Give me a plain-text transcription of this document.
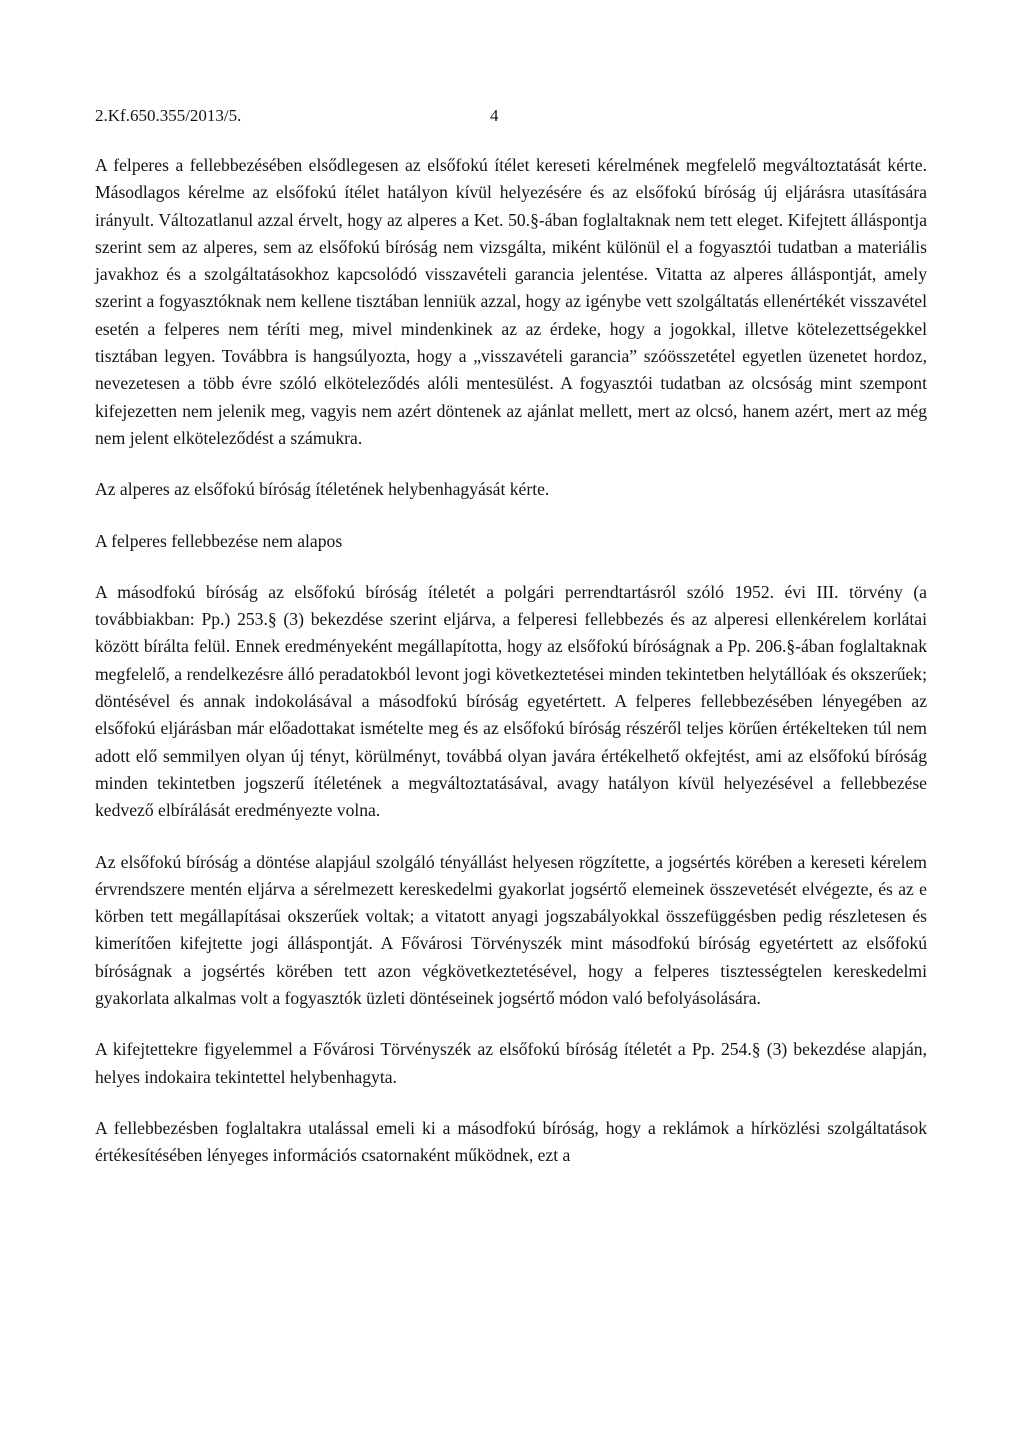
2.Kf.650.355/2013/5.	4

A felperes a fellebbezésében elsődlegesen az elsőfokú ítélet kereseti kérelmének megfelelő megváltoztatását kérte. Másodlagos kérelme az elsőfokú ítélet hatályon kívül helyezésére és az elsőfokú bíróság új eljárásra utasítására irányult. Változatlanul azzal érvelt, hogy az alperes a Ket. 50.§-ában foglaltaknak nem tett eleget. Kifejtett álláspontja szerint sem az alperes, sem az elsőfokú bíróság nem vizsgálta, miként különül el a fogyasztói tudatban a materiális javakhoz és a szolgáltatásokhoz kapcsolódó visszavételi garancia jelentése. Vitatta az alperes álláspontját, amely szerint a fogyasztóknak nem kellene tisztában lenniük azzal, hogy az igénybe vett szolgáltatás ellenértékét visszavétel esetén a felperes nem téríti meg, mivel mindenkinek az az érdeke, hogy a jogokkal, illetve kötelezettségekkel tisztában legyen. Továbbra is hangsúlyozta, hogy a „visszavételi garancia” szóösszetétel egyetlen üzenetet hordoz, nevezetesen a több évre szóló elköteleződés alóli mentesülést. A fogyasztói tudatban az olcsóság mint szempont kifejezetten nem jelenik meg, vagyis nem azért döntenek az ajánlat mellett, mert az olcsó, hanem azért, mert az még nem jelent elköteleződést a számukra.

Az alperes az elsőfokú bíróság ítéletének helybenhagyását kérte.

A felperes fellebbezése nem alapos

A másodfokú bíróság az elsőfokú bíróság ítéletét a polgári perrendtartásról szóló 1952. évi III. törvény (a továbbiakban: Pp.) 253.§ (3) bekezdése szerint eljárva, a felperesi fellebbezés és az alperesi ellenkérelem korlátai között bírálta felül. Ennek eredményeként megállapította, hogy az elsőfokú bíróságnak a Pp. 206.§-ában foglaltaknak megfelelő, a rendelkezésre álló peradatokból levont jogi következtetései minden tekintetben helytállóak és okszerűek; döntésével és annak indokolásával a másodfokú bíróság egyetértett. A felperes fellebbezésében lényegében az elsőfokú eljárásban már előadottakat ismételte meg és az elsőfokú bíróság részéről teljes körűen értékelteken túl nem adott elő semmilyen olyan új tényt, körülményt, továbbá olyan javára értékelhető okfejtést, ami az elsőfokú bíróság minden tekintetben jogszerű ítéletének a megváltoztatásával, avagy hatályon kívül helyezésével a fellebbezése kedvező elbírálását eredményezte volna.

Az elsőfokú bíróság a döntése alapjául szolgáló tényállást helyesen rögzítette, a jogsértés körében a kereseti kérelem érvrendszere mentén eljárva a sérelmezett kereskedelmi gyakorlat jogsértő elemeinek összevetését elvégezte, és az e körben tett megállapításai okszerűek voltak; a vitatott anyagi jogszabályokkal összefüggésben pedig részletesen és kimerítően kifejtette jogi álláspontját. A Fővárosi Törvényszék mint másodfokú bíróság egyetértett az elsőfokú bíróságnak a jogsértés körében tett azon végkövetkeztetésével, hogy a felperes tisztességtelen kereskedelmi gyakorlata alkalmas volt a fogyasztók üzleti döntéseinek jogsértő módon való befolyásolására.

A kifejtettekre figyelemmel a Fővárosi Törvényszék az elsőfokú bíróság ítéletét a Pp. 254.§ (3) bekezdése alapján, helyes indokaira tekintettel helybenhagyta.

A fellebbezésben foglaltakra utalással emeli ki a másodfokú bíróság, hogy a reklámok a hírközlési szolgáltatások értékesítésében lényeges információs csatornaként működnek, ezt a
